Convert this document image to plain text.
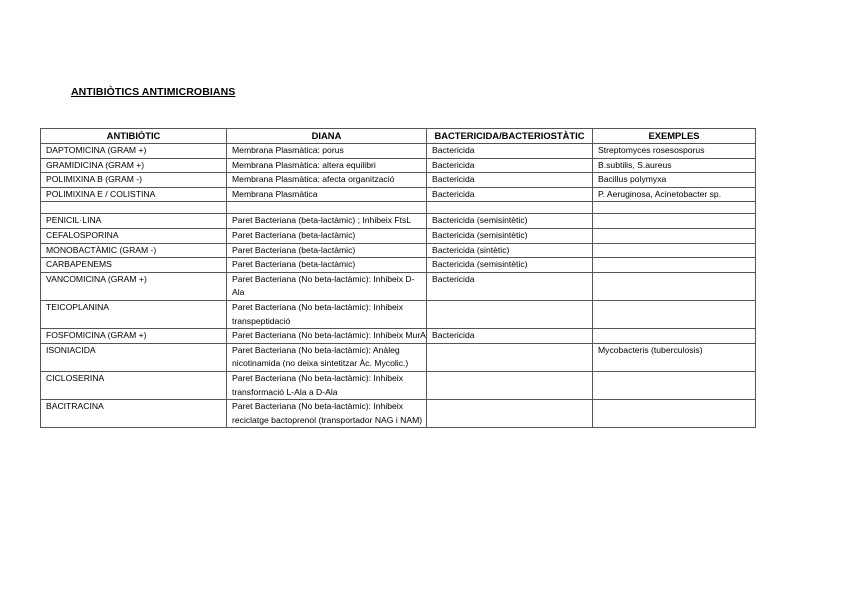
ANTIBIÒTICS ANTIMICROBIANS
ANTIBIÒTIC	DIANA	BACTERICIDA/BACTERIOSTÀTIC	EXEMPLES
DAPTOMICINA (GRAM +)	Membrana Plasmàtica: porus	Bactericida	Streptomyces rosesosporus
GRAMIDICINA (GRAM +)	Membrana Plasmàtica: altera equilibri	Bactericida	B.subtilis, S.aureus
POLIMIXINA B (GRAM -)	Membrana Plasmàtica: afecta organització	Bactericida	Bacillus polymyxa
POLIMIXINA E / COLISTINA	Membrana Plasmàtica	Bactericida	P. Aeruginosa, Acinetobacter sp.

PENICIL·LINA	Paret Bacteriana (beta-lactàmic) ; Inhibeix FtsL	Bactericida (semisintètic)	
CEFALOSPORINA	Paret Bacteriana (beta-lactàmic)	Bactericida (semisintètic)	
MONOBACTÀMIC (GRAM -)	Paret Bacteriana (beta-lactàmic)	Bactericida (sintètic)	
CARBAPENEMS	Paret Bacteriana (beta-lactàmic)	Bactericida (semisintètic)	
VANCOMICINA (GRAM +)	Paret Bacteriana (No beta-lactàmic): Inhibeix D-Ala	Bactericida	
TEICOPLANINA	Paret Bacteriana (No beta-lactàmic): Inhibeix transpeptidació		
FOSFOMICINA (GRAM +)	Paret Bacteriana (No beta-lactàmic): Inhibeix MurA	Bactericida	
ISONIACIDA	Paret Bacteriana (No beta-lactàmic): Anàleg nicotinamida (no deixa sintetitzar Àc. Mycolic.)		Mycobacteris (tuberculosis)
CICLOSERINA	Paret Bacteriana (No beta-lactàmic): Inhibeix transformació L-Ala a D-Ala		
BACITRACINA	Paret Bacteriana (No beta-lactàmic): Inhibeix reciclatge bactoprenol (transportador NAG i NAM)		
